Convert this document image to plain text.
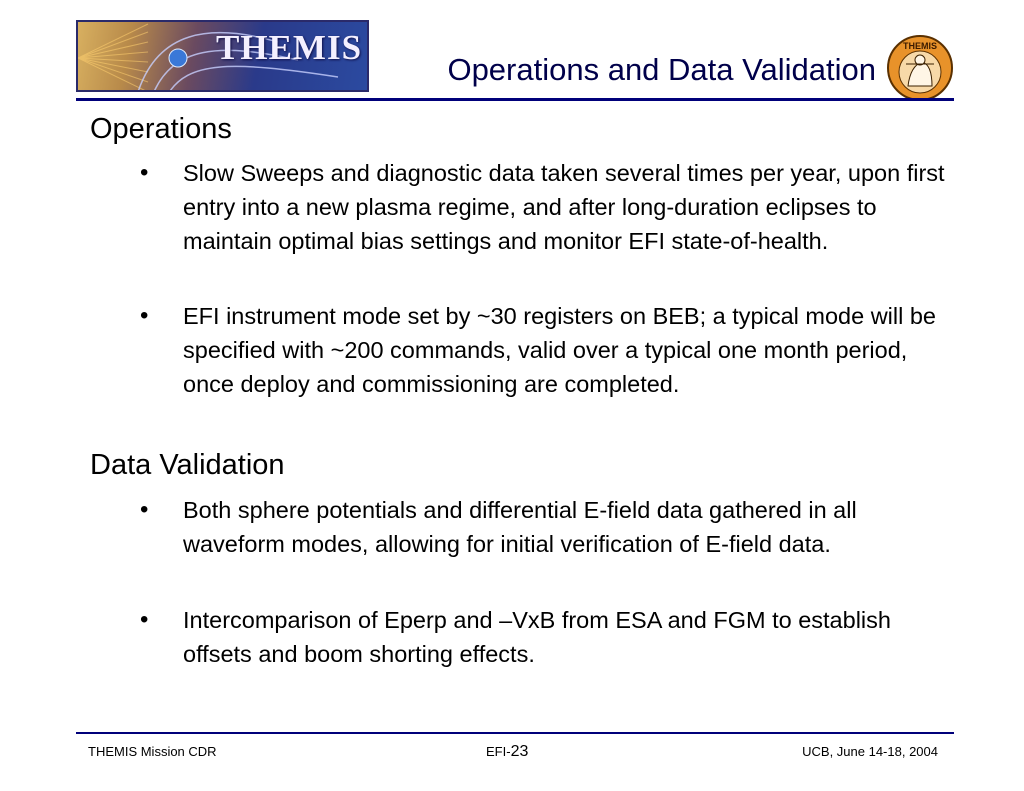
THEMIS
Operations and Data Validation
THEMIS
Operations
• Slow Sweeps and diagnostic data taken several times per year, upon first entry into a new plasma regime, and after long-duration eclipses to maintain optimal bias settings and monitor EFI state-of-health.
• EFI instrument mode set by ~30 registers on BEB; a typical mode will be specified with ~200 commands, valid over a typical one month period, once deploy and commissioning are completed.
Data Validation
• Both sphere potentials and differential E-field data gathered in all waveform modes, allowing for initial verification of E-field data.
• Intercomparison of Eperp and –VxB from ESA and FGM to establish offsets and boom shorting effects.
THEMIS Mission CDR	EFI-23	UCB, June 14-18, 2004
